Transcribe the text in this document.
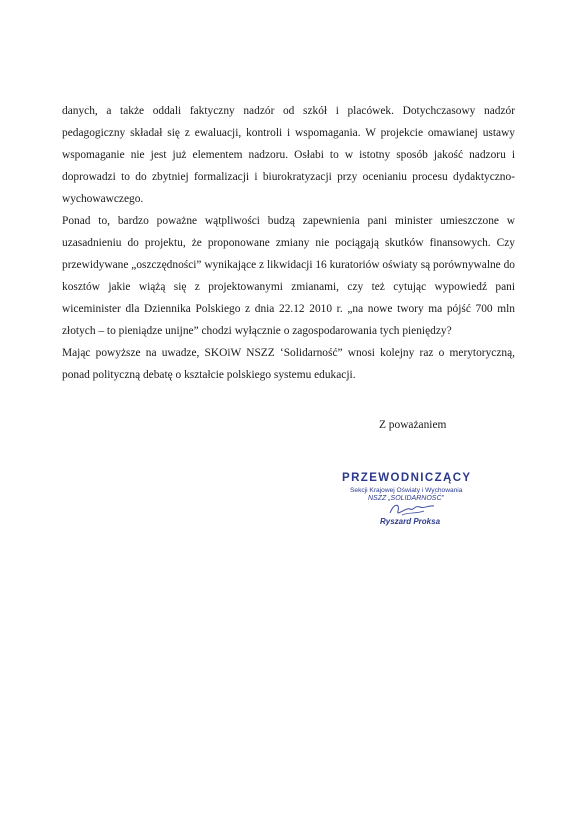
danych, a także oddali faktyczny nadzór od szkół i placówek. Dotychczasowy nadzór pedagogiczny składał się z ewaluacji, kontroli i wspomagania. W projekcie omawianej ustawy wspomaganie nie jest już elementem nadzoru. Osłabi to w istotny sposób jakość nadzoru i doprowadzi to do zbytniej formalizacji i biurokratyzacji przy ocenianiu procesu dydaktyczno-wychowawczego.

Ponad to, bardzo poważne wątpliwości budzą zapewnienia pani minister umieszczone w uzasadnieniu do projektu, że proponowane zmiany nie pociągają skutków finansowych. Czy przewidywane „oszczędności” wynikające z likwidacji 16 kuratoriów oświaty są porównywalne do kosztów jakie wiążą się z projektowanymi zmianami, czy też cytując wypowiedź pani wiceminister dla Dziennika Polskiego z dnia 22.12 2010 r. „na nowe twory ma pójść 700 mln złotych – to pieniądze unijne” chodzi wyłącznie o zagospodarowania tych pieniędzy?

Mając powyższe na uwadze, SKOiW NSZZ ‘Solidarność” wnosi kolejny raz o merytoryczną, ponad polityczną debatę o kształcie polskiego systemu edukacji.

Z poważaniem
PRZEWODNICZĄCY
Sekcji Krajowej Oświaty i Wychowania
NSZZ „SOLIDARNOŚĆ”
Ryszard Proksa
